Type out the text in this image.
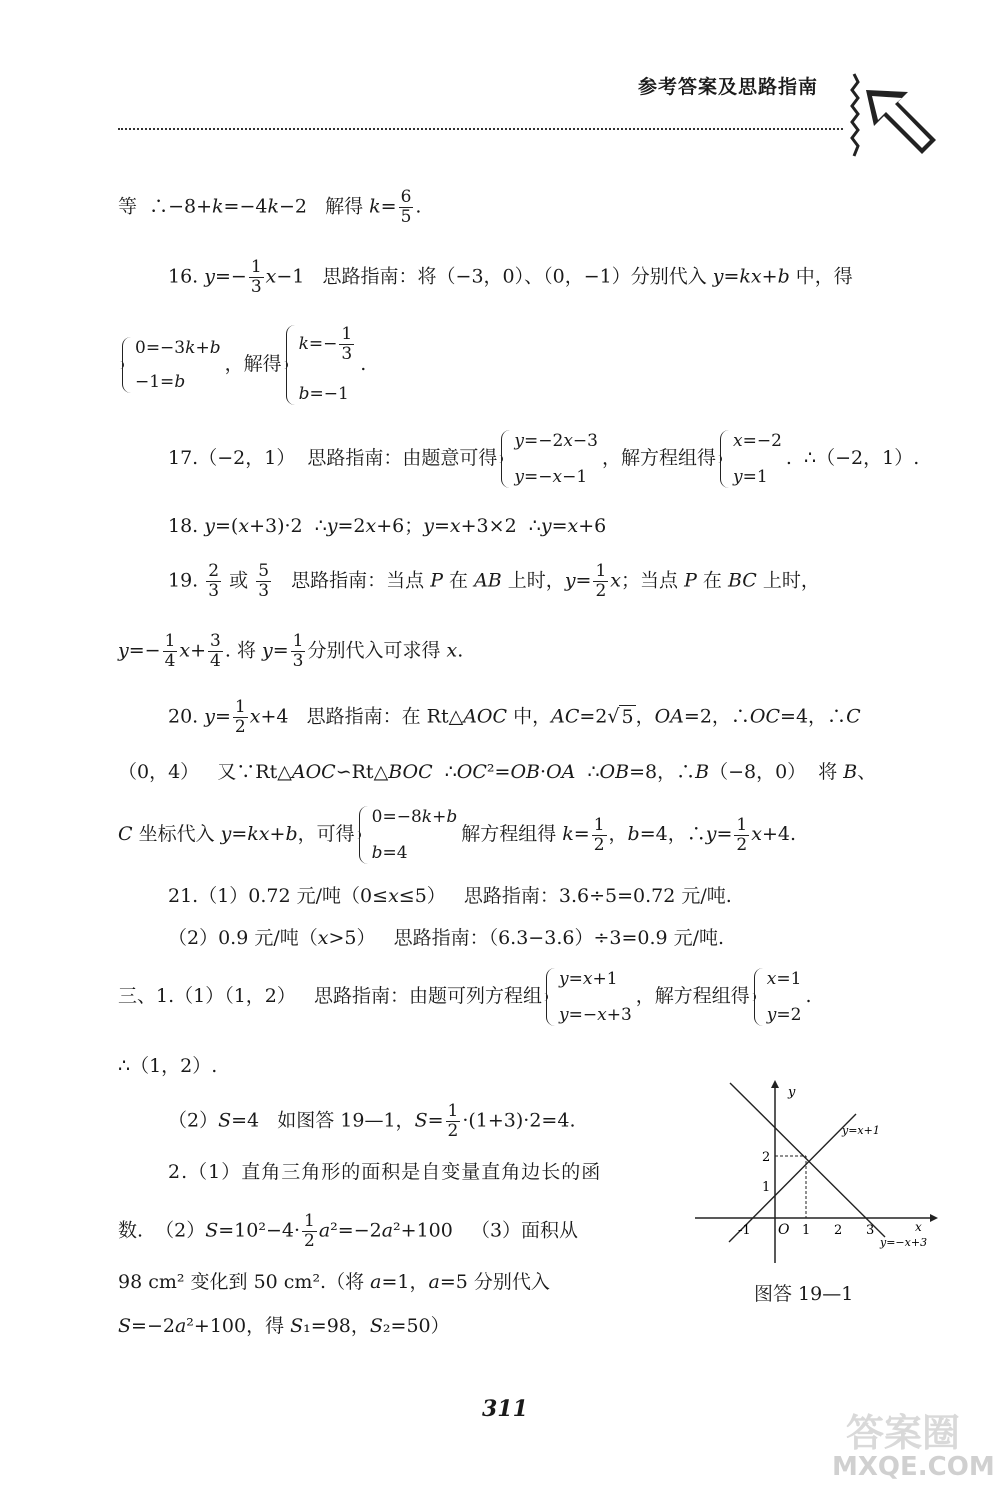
参考答案及思路指南
等  ∴−8+k=−4k−2   解得 $k= \frac{6}{5}$ .
16. $y=- \frac{1}{3} x-1$   思路指南：将（−3，0）、（0，−1）分别代入 y=kx+b 中，得
0=−3k+b
−1=b
，解得
$k=- \frac{1}{3}$
b=−1
.
17.（−2，1）  思路指南：由题意可得
y=−2x−3
y=−x−1
，解方程组得
x=−2
y=1
.  ∴（−2，1）.
18. y=(x+3)·2  ∴y=2x+6；y=x+3×2  ∴y=x+6
19. $\frac{2}{3}$ 或 $\frac{5}{3}$ 思路指南：当点 P 在 AB 上时，$y= \frac{1}{2}$ x；当点 P 在 BC 上时，
$y=- \frac{1}{4} x+ \frac{3}{4}$ . 将 $y= \frac{1}{3}$ 分别代入可求得 x.
20. $y= \frac{1}{2} x+4$   思路指南：在 Rt△AOC 中，AC=2√ 5 ，OA=2，∴OC=4，∴C
（0，4）   又∵Rt△AOC∽Rt△BOC  ∴OC²=OB·OA  ∴OB=8，∴B（−8，0）  将 B、
C 坐标代入 y=kx+b，可得
0=−8k+b
b=4
解方程组得 $k= \frac{1}{2}$ ，b=4，∴y= $\frac{1}{2} x+4$.
21.（1）0.72 元/吨（0≤x≤5）   思路指南：3.6÷5=0.72 元/吨.
（2）0.9 元/吨（x>5）   思路指南：（6.3−3.6）÷3=0.9 元/吨.
三、1.（1）（1，2）   思路指南：由题可列方程组
y=x+1
y=−x+3
，解方程组得
x=1
y=2
.
∴（1，2）.
（2）S=4   如图答 19—1，$S= \frac{1}{2} \cdot(1+3)\cdot 2=4$.
2.（1）直角三角形的面积是自变量直角边长的函
数.  $(2)S=10^2-4\cdot \frac{1}{2} a^2=-2a^2+100$   （3）面积从
98 cm² 变化到 50 cm².（将 a=1，a=5 分别代入
S=−2a²+100，得 S₁=98，S₂=50）
y
x
O
-1	1 2 3
1
2
y=x+1
y=−x+3
图答 19—1
311
答案圈
MXQE.COM
